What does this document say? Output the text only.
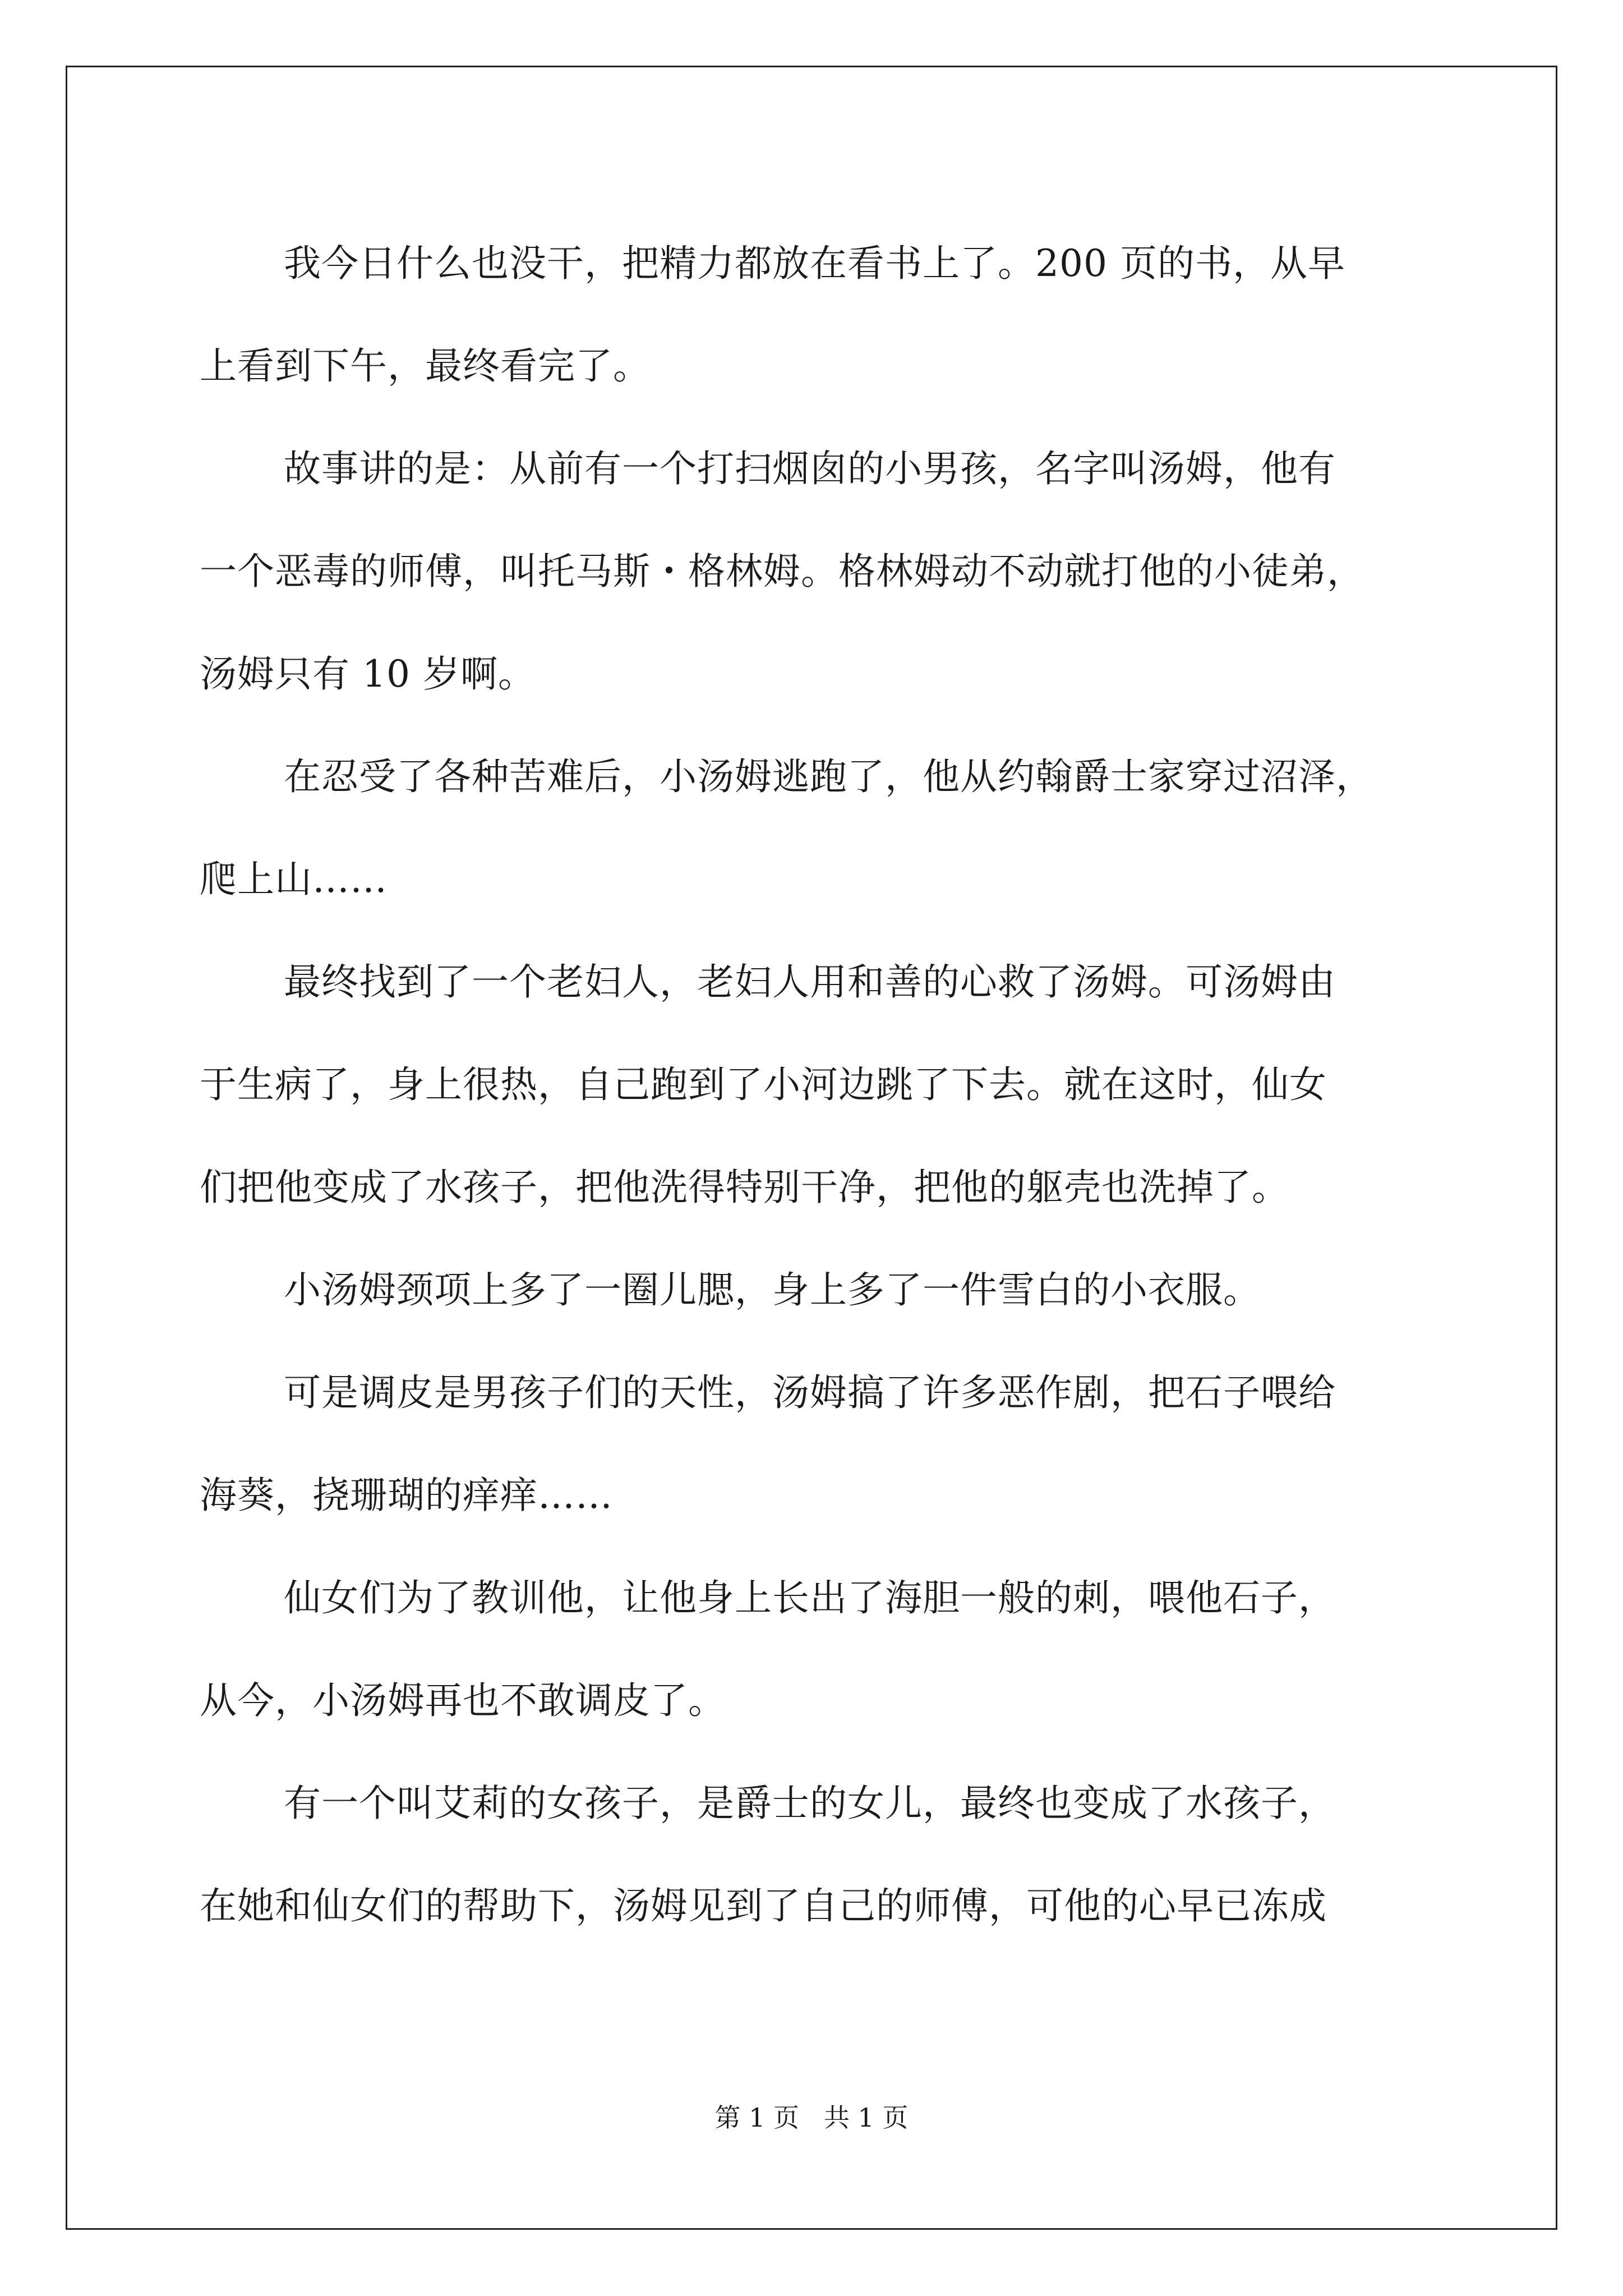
我今日什么也没干，把精力都放在看书上了。200 页的书，从早
上看到下午，最终看完了。
故事讲的是：从前有一个打扫烟囱的小男孩，名字叫汤姆，他有
一个恶毒的师傅，叫托马斯・格林姆。格林姆动不动就打他的小徒弟，
汤姆只有 10 岁啊。
在忍受了各种苦难后，小汤姆逃跑了，他从约翰爵士家穿过沼泽，
爬上山……
最终找到了一个老妇人，老妇人用和善的心救了汤姆。可汤姆由
于生病了，身上很热，自己跑到了小河边跳了下去。就在这时，仙女
们把他变成了水孩子，把他洗得特别干净，把他的躯壳也洗掉了。
小汤姆颈项上多了一圈儿腮，身上多了一件雪白的小衣服。
可是调皮是男孩子们的天性，汤姆搞了许多恶作剧，把石子喂给
海葵，挠珊瑚的痒痒……
仙女们为了教训他，让他身上长出了海胆一般的刺，喂他石子，
从今，小汤姆再也不敢调皮了。
有一个叫艾莉的女孩子，是爵士的女儿，最终也变成了水孩子，
在她和仙女们的帮助下，汤姆见到了自己的师傅，可他的心早已冻成
第 1 页   共 1 页
